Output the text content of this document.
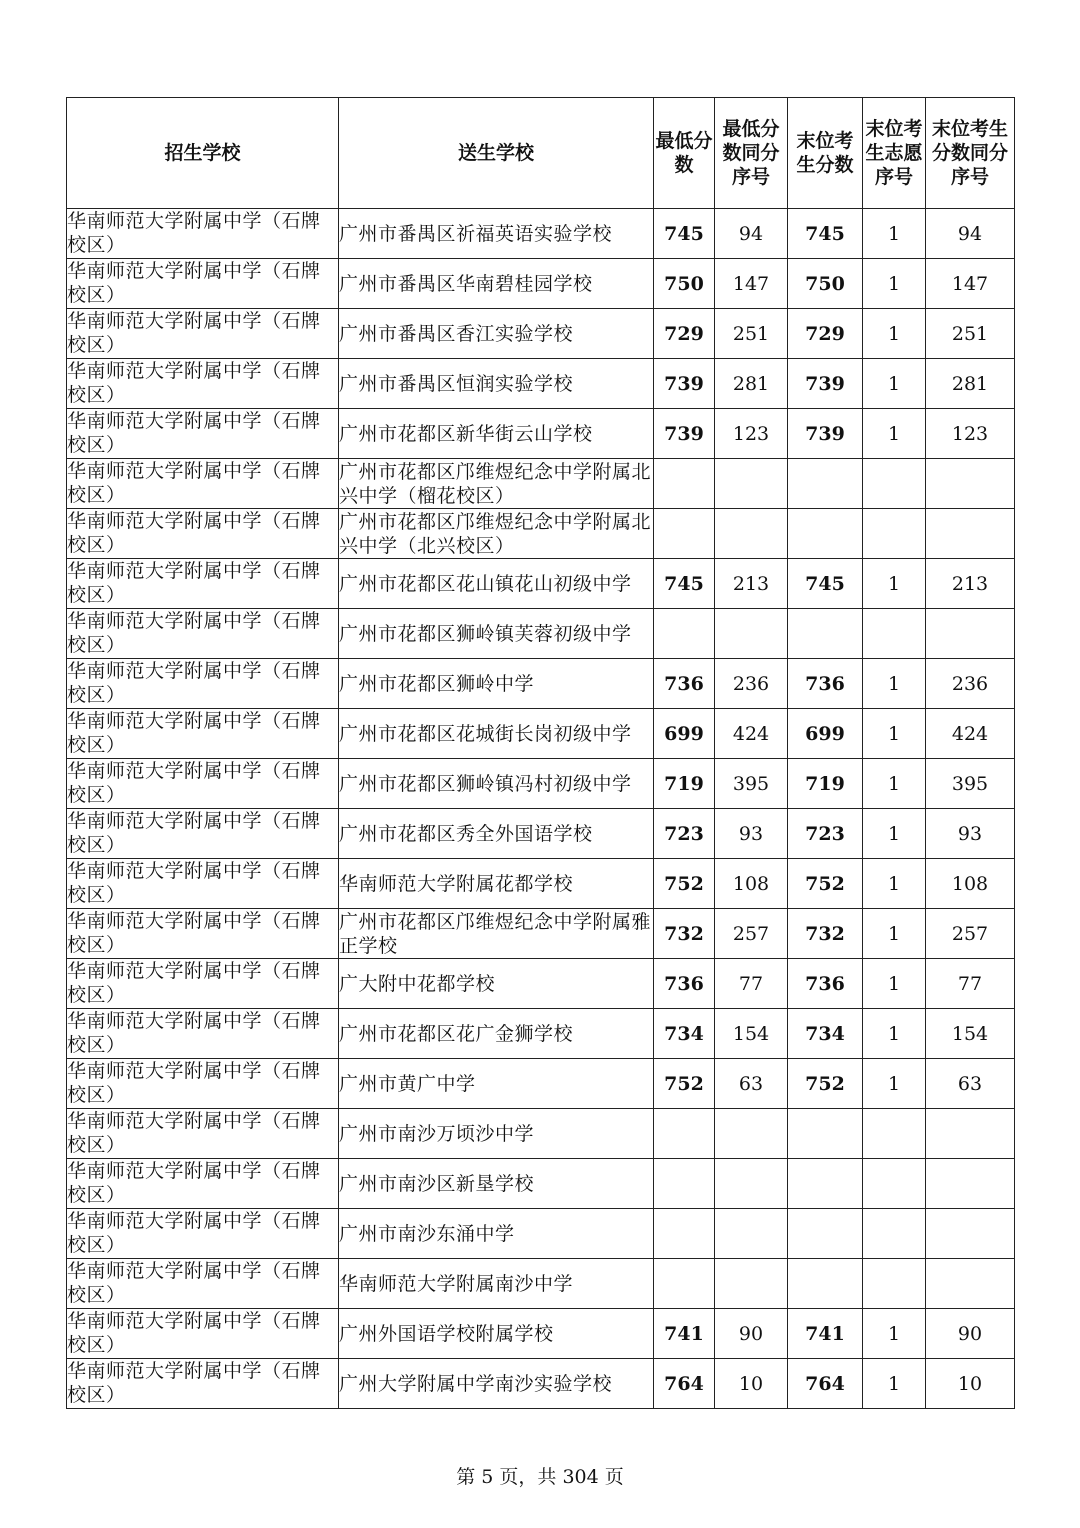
招生学校	送生学校	最低分数	最低分数同分序号	末位考生分数	末位考生志愿序号	末位考生分数同分序号
华南师范大学附属中学（石牌校区）	广州市番禺区祈福英语实验学校	745	94	745	1	94
华南师范大学附属中学（石牌校区）	广州市番禺区华南碧桂园学校	750	147	750	1	147
华南师范大学附属中学（石牌校区）	广州市番禺区香江实验学校	729	251	729	1	251
华南师范大学附属中学（石牌校区）	广州市番禺区恒润实验学校	739	281	739	1	281
华南师范大学附属中学（石牌校区）	广州市花都区新华街云山学校	739	123	739	1	123
华南师范大学附属中学（石牌校区）	广州市花都区邝维煜纪念中学附属北兴中学（榴花校区）					
华南师范大学附属中学（石牌校区）	广州市花都区邝维煜纪念中学附属北兴中学（北兴校区）					
华南师范大学附属中学（石牌校区）	广州市花都区花山镇花山初级中学	745	213	745	1	213
华南师范大学附属中学（石牌校区）	广州市花都区狮岭镇芙蓉初级中学					
华南师范大学附属中学（石牌校区）	广州市花都区狮岭中学	736	236	736	1	236
华南师范大学附属中学（石牌校区）	广州市花都区花城街长岗初级中学	699	424	699	1	424
华南师范大学附属中学（石牌校区）	广州市花都区狮岭镇冯村初级中学	719	395	719	1	395
华南师范大学附属中学（石牌校区）	广州市花都区秀全外国语学校	723	93	723	1	93
华南师范大学附属中学（石牌校区）	华南师范大学附属花都学校	752	108	752	1	108
华南师范大学附属中学（石牌校区）	广州市花都区邝维煜纪念中学附属雅正学校	732	257	732	1	257
华南师范大学附属中学（石牌校区）	广大附中花都学校	736	77	736	1	77
华南师范大学附属中学（石牌校区）	广州市花都区花广金狮学校	734	154	734	1	154
华南师范大学附属中学（石牌校区）	广州市黄广中学	752	63	752	1	63
华南师范大学附属中学（石牌校区）	广州市南沙万顷沙中学					
华南师范大学附属中学（石牌校区）	广州市南沙区新垦学校					
华南师范大学附属中学（石牌校区）	广州市南沙东涌中学					
华南师范大学附属中学（石牌校区）	华南师范大学附属南沙中学					
华南师范大学附属中学（石牌校区）	广州外国语学校附属学校	741	90	741	1	90
华南师范大学附属中学（石牌校区）	广州大学附属中学南沙实验学校	764	10	764	1	10
第 5 页，共 304 页
